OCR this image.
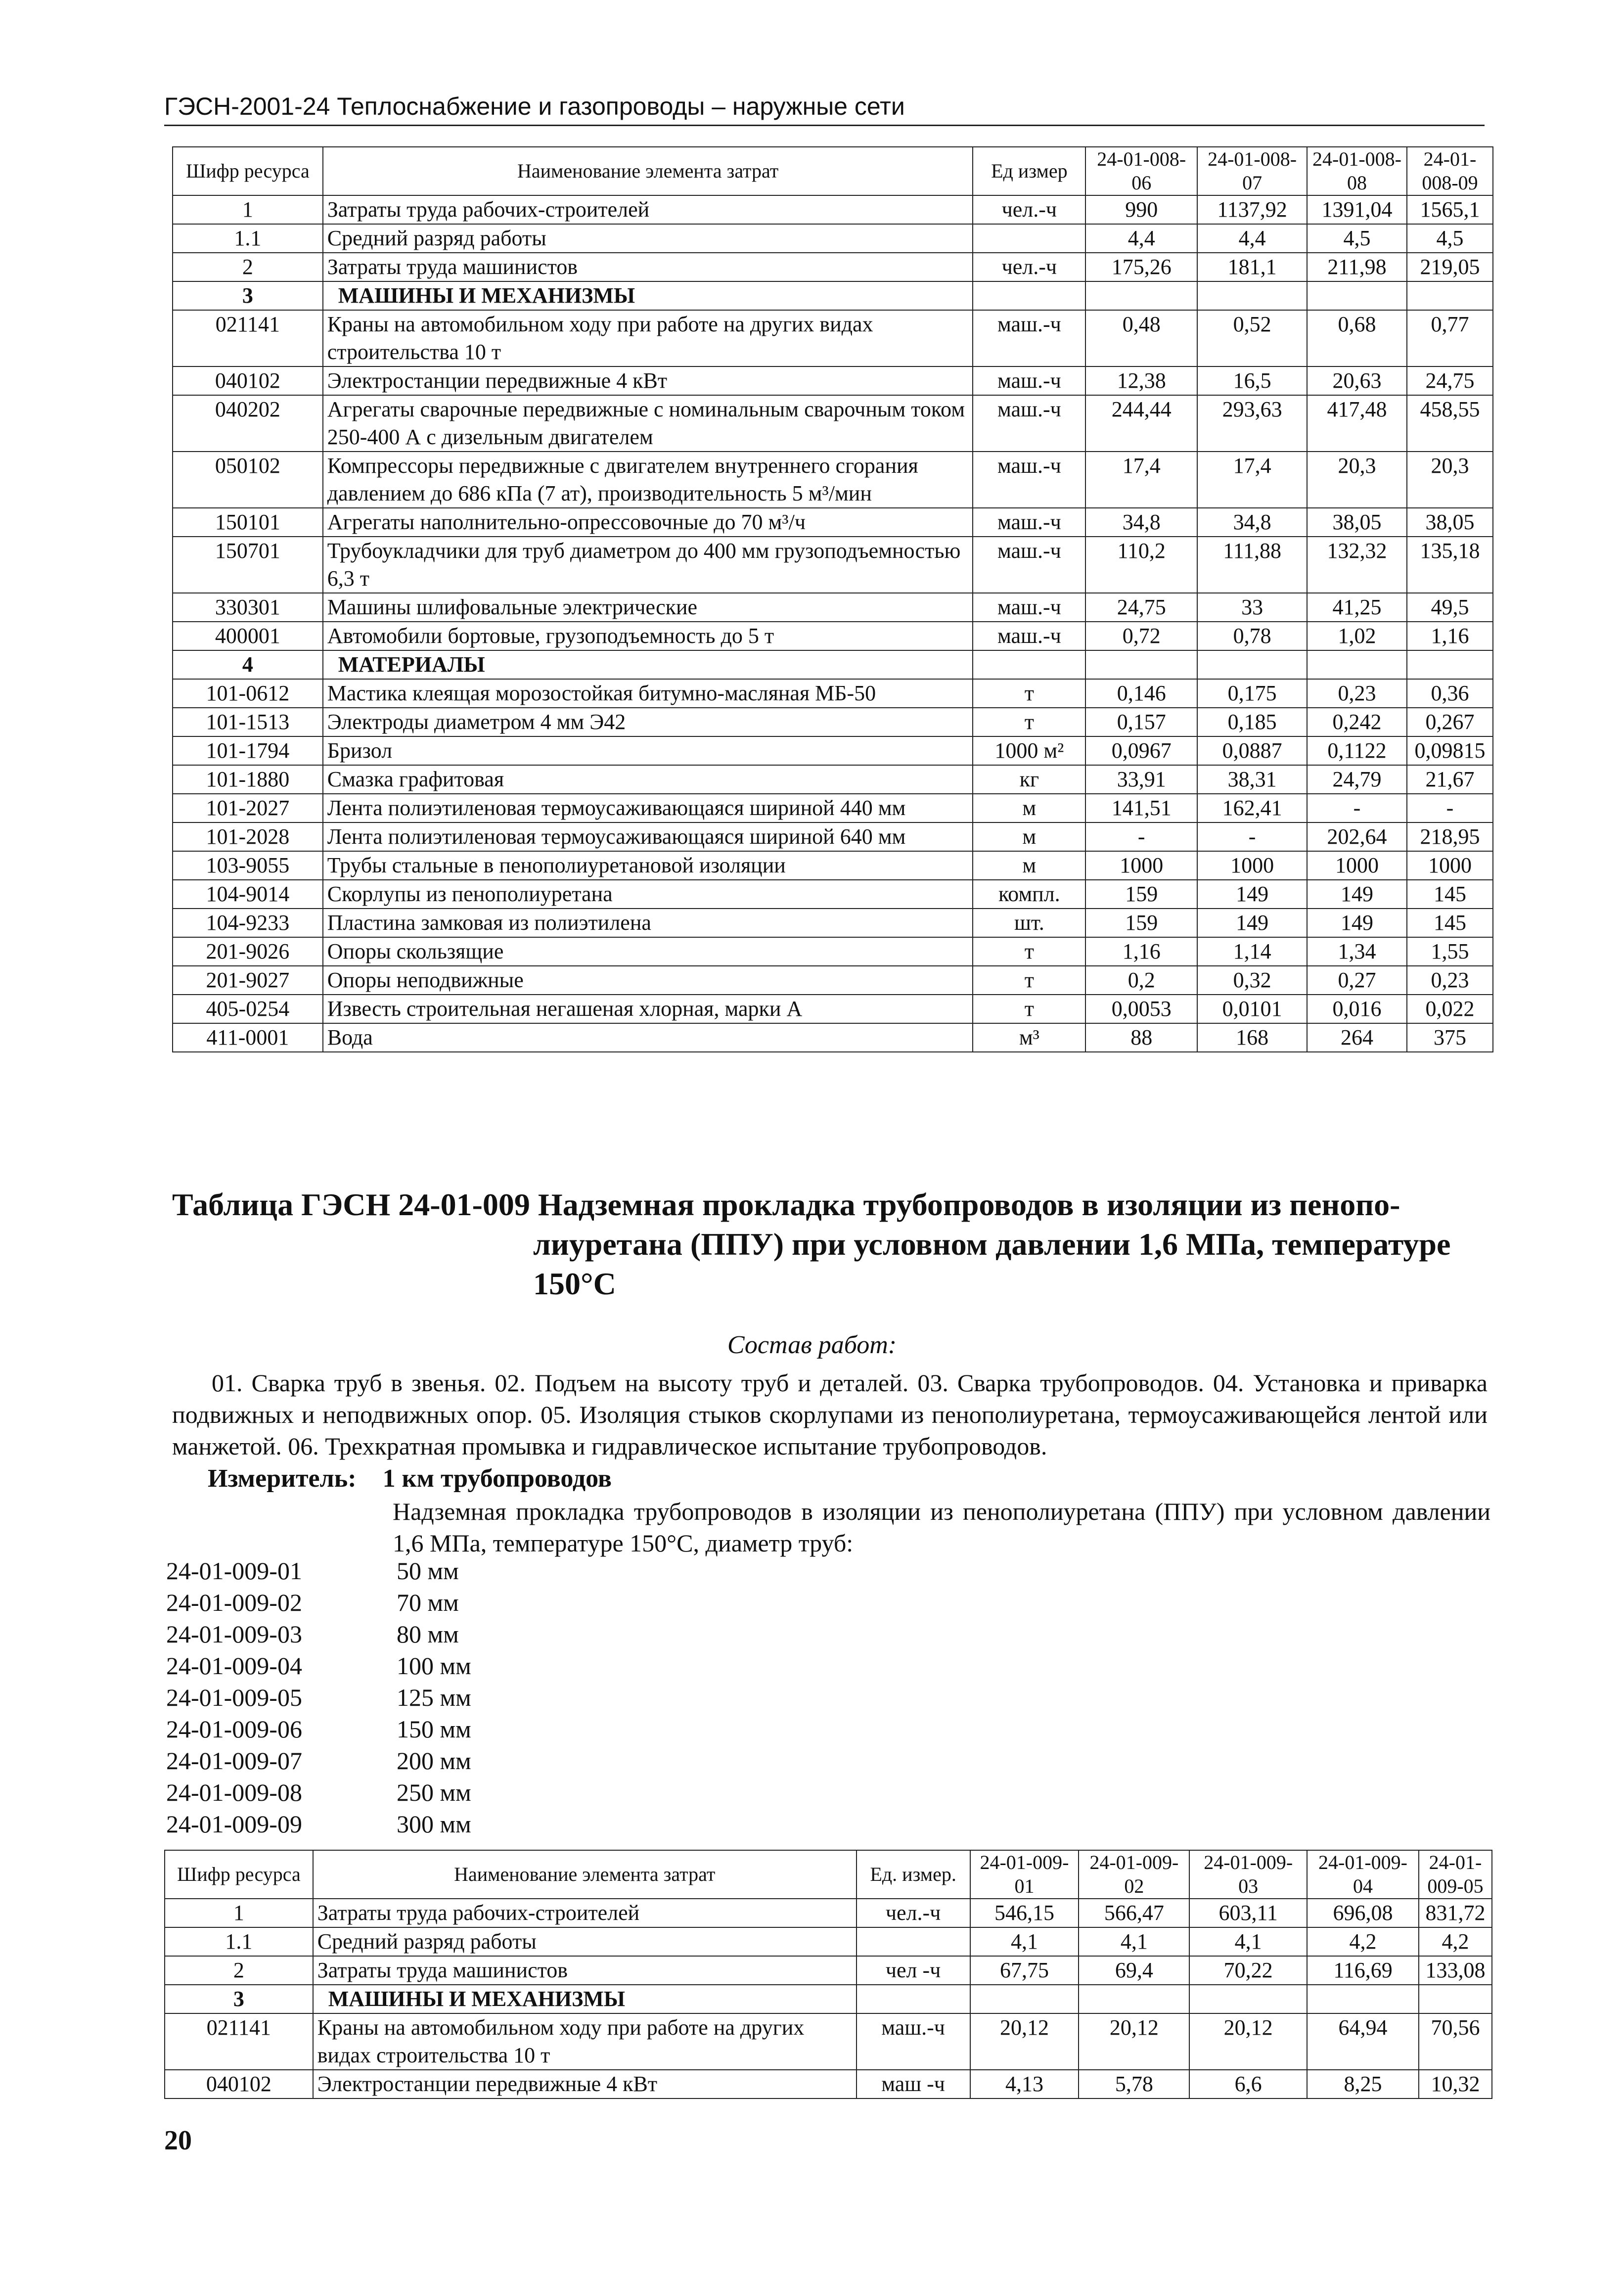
ГЭСН-2001-24 Теплоснабжение и газопроводы – наружные сети
Шифр ресурса	Наименование элемента затрат	Ед измер	24-01-008-06	24-01-008-07	24-01-008-08	24-01-008-09
1	Затраты труда рабочих-строителей	чел.-ч	990	1137,92	1391,04	1565,1
1.1	Средний разряд работы		4,4	4,4	4,5	4,5
2	Затраты труда машинистов	чел.-ч	175,26	181,1	211,98	219,05
3	МАШИНЫ И МЕХАНИЗМЫ					
021141	Краны на автомобильном ходу при работе на других видах строительства 10 т	маш.-ч	0,48	0,52	0,68	0,77
040102	Электростанции передвижные 4 кВт	маш.-ч	12,38	16,5	20,63	24,75
040202	Агрегаты сварочные передвижные с номинальным сварочным током 250-400 А с дизельным двигателем	маш.-ч	244,44	293,63	417,48	458,55
050102	Компрессоры передвижные с двигателем внутреннего сгорания давлением до 686 кПа (7 ат), производительность 5 м³/мин	маш.-ч	17,4	17,4	20,3	20,3
150101	Агрегаты наполнительно-опрессовочные до 70 м³/ч	маш.-ч	34,8	34,8	38,05	38,05
150701	Трубоукладчики для труб диаметром до 400 мм грузоподъемностью 6,3 т	маш.-ч	110,2	111,88	132,32	135,18
330301	Машины шлифовальные электрические	маш.-ч	24,75	33	41,25	49,5
400001	Автомобили бортовые, грузоподъемность до 5 т	маш.-ч	0,72	0,78	1,02	1,16
4	МАТЕРИАЛЫ					
101-0612	Мастика клеящая морозостойкая битумно-масляная МБ-50	т	0,146	0,175	0,23	0,36
101-1513	Электроды диаметром 4 мм Э42	т	0,157	0,185	0,242	0,267
101-1794	Бризол	1000 м²	0,0967	0,0887	0,1122	0,09815
101-1880	Смазка графитовая	кг	33,91	38,31	24,79	21,67
101-2027	Лента полиэтиленовая термоусаживающаяся шириной 440 мм	м	141,51	162,41	-	-
101-2028	Лента полиэтиленовая термоусаживающаяся шириной 640 мм	м	-	-	202,64	218,95
103-9055	Трубы стальные в пенополиуретановой изоляции	м	1000	1000	1000	1000
104-9014	Скорлупы из пенополиуретана	компл.	159	149	149	145
104-9233	Пластина замковая из полиэтилена	шт.	159	149	149	145
201-9026	Опоры скользящие	т	1,16	1,14	1,34	1,55
201-9027	Опоры неподвижные	т	0,2	0,32	0,27	0,23
405-0254	Известь строительная негашеная хлорная, марки А	т	0,0053	0,0101	0,016	0,022
411-0001	Вода	м³	88	168	264	375
Таблица ГЭСН 24-01-009 Надземная прокладка трубопроводов в изоляции из пенопо-
лиуретана (ППУ) при условном давлении 1,6 МПа, температуре 150°С
Состав работ:
01. Сварка труб в звенья. 02. Подъем на высоту труб и деталей. 03. Сварка трубопроводов. 04. Установка и приварка подвижных и неподвижных опор. 05. Изоляция стыков скорлупами из пенополиуретана, термоусаживающейся лентой или манжетой. 06. Трехкратная промывка и гидравлическое испытание трубопроводов.
Измеритель: 1 км трубопроводов
Надземная прокладка трубопроводов в изоляции из пенополиуретана (ППУ) при условном давлении 1,6 МПа, температуре 150°С, диаметр труб:
24-01-009-01	50 мм
24-01-009-02	70 мм
24-01-009-03	80 мм
24-01-009-04	100 мм
24-01-009-05	125 мм
24-01-009-06	150 мм
24-01-009-07	200 мм
24-01-009-08	250 мм
24-01-009-09	300 мм
Шифр ресурса	Наименование элемента затрат	Ед. измер.	24-01-009-01	24-01-009-02	24-01-009-03	24-01-009-04	24-01-009-05
1	Затраты труда рабочих-строителей	чел.-ч	546,15	566,47	603,11	696,08	831,72
1.1	Средний разряд работы		4,1	4,1	4,1	4,2	4,2
2	Затраты труда машинистов	чел -ч	67,75	69,4	70,22	116,69	133,08
3	МАШИНЫ И МЕХАНИЗМЫ						
021141	Краны на автомобильном ходу при работе на других видах строительства 10 т	маш.-ч	20,12	20,12	20,12	64,94	70,56
040102	Электростанции передвижные 4 кВт	маш -ч	4,13	5,78	6,6	8,25	10,32
20
